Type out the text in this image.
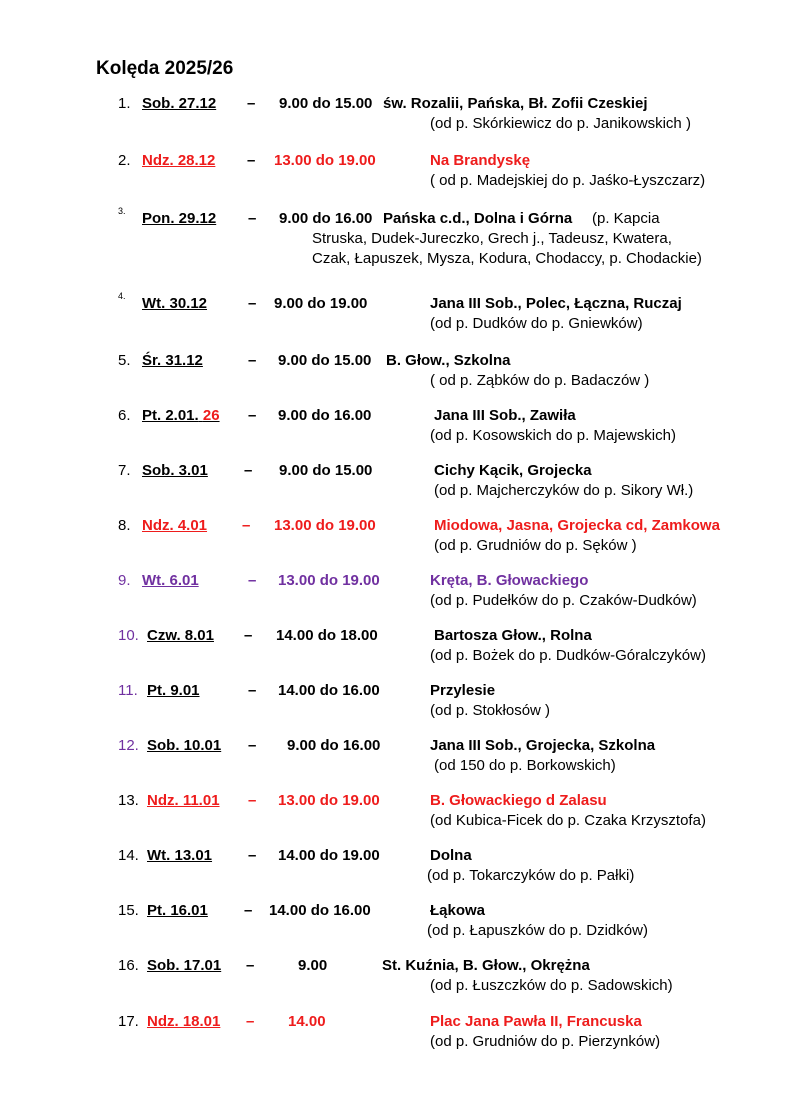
Kolęda 2025/26
1. Sob. 27.12 – 9.00 do 15.00 św. Rozalii, Pańska, Bł. Zofii Czeskiej
(od p. Skórkiewicz do p. Janikowskich )
2. Ndz. 28.12 – 13.00 do 19.00	Na Brandyskę
( od p. Madejskiej do p. Jaśko-Łyszczarz)
3. Pon. 29.12 – 9.00 do 16.00 Pańska c.d., Dolna i Górna (p. Kapcia
Struska, Dudek-Jureczko, Grech j., Tadeusz, Kwatera,
Czak, Łapuszek, Mysza, Kodura, Chodaccy, p. Chodackie)
4. Wt. 30.12	– 9.00 do 19.00	Jana III Sob., Polec, Łączna, Ruczaj
(od p. Dudków do p. Gniewków)
5. Śr. 31.12	– 9.00 do 15.00 B. Głow., Szkolna
( od p. Ząbków do p. Badaczów )
6. Pt. 2.01. 26 – 9.00 do 16.00	Jana III Sob., Zawiła
(od p. Kosowskich do p. Majewskich)
7. Sob. 3.01 – 9.00 do 15.00	Cichy Kącik, Grojecka
(od p. Majcherczyków do p. Sikory Wł.)
8. Ndz. 4.01 – 13.00 do 19.00	Miodowa, Jasna, Grojecka cd, Zamkowa
(od p. Grudniów do p. Sęków )
9. Wt. 6.01	– 13.00 do 19.00	Kręta, B. Głowackiego
(od p. Pudełków do p. Czaków-Dudków)
10. Czw. 8.01 – 14.00 do 18.00	Bartosza Głow., Rolna
(od p. Bożek do p. Dudków-Góralczyków)
11. Pt. 9.01	– 14.00 do 16.00	Przylesie
(od p. Stokłosów )
12. Sob. 10.01 – 9.00 do 16.00	Jana III Sob., Grojecka, Szkolna
(od 150 do p. Borkowskich)
13. Ndz. 11.01 – 13.00 do 19.00	B. Głowackiego d Zalasu
(od Kubica-Ficek do p. Czaka Krzysztofa)
14. Wt. 13.01 – 14.00 do 19.00	Dolna
(od p. Tokarczyków do p. Pałki)
15. Pt. 16.01 – 14.00 do 16.00	Łąkowa
(od p. Łapuszków do p. Dzidków)
16. Sob. 17.01 –	9.00	St. Kuźnia, B. Głow., Okrężna
(od p. Łuszczków do p. Sadowskich)
17. Ndz. 18.01 – 14.00	Plac Jana Pawła II, Francuska
(od p. Grudniów do p. Pierzynków)
